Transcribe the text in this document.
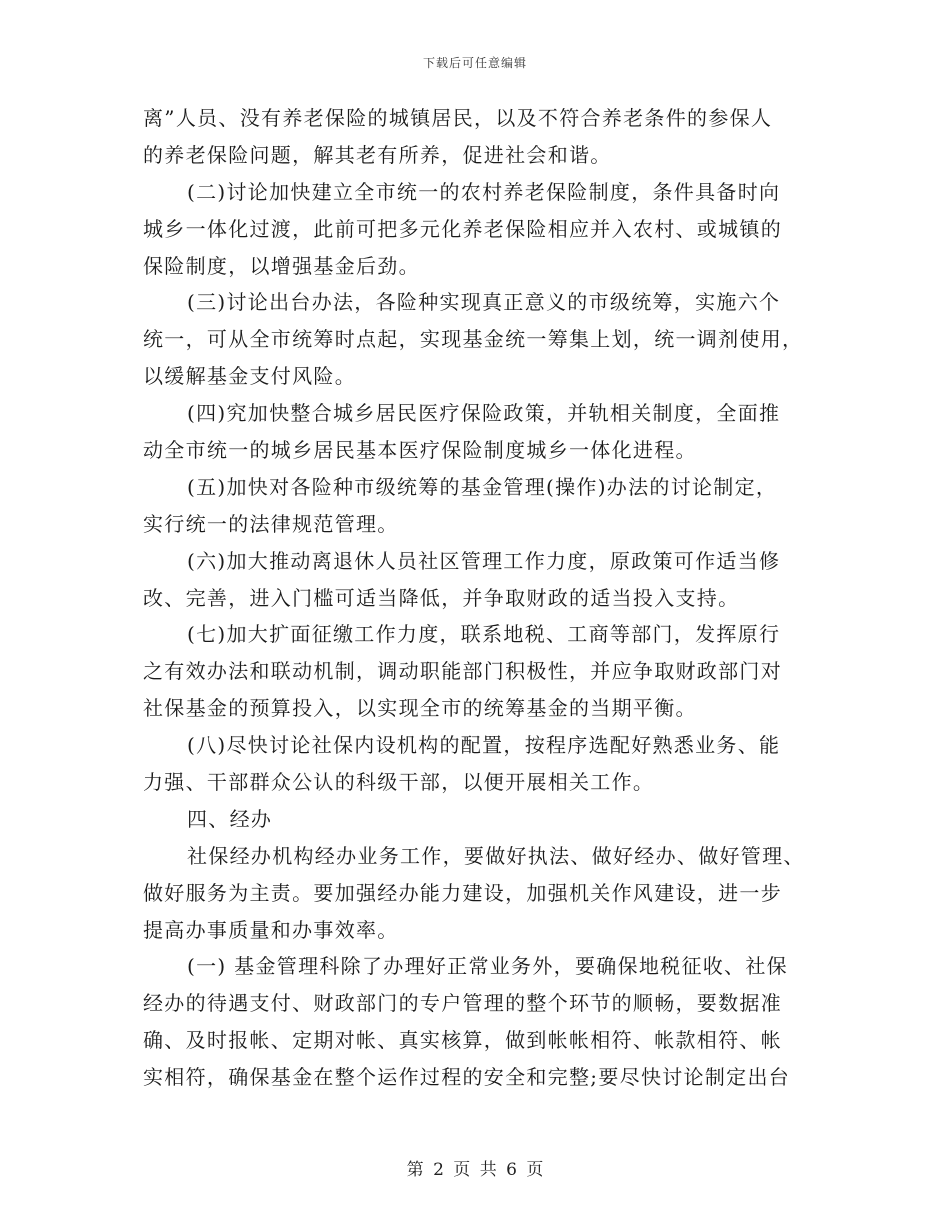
下载后可任意编辑
离”人员、没有养老保险的城镇居民，以及不符合养老条件的参保人
的养老保险问题，解其老有所养，促进社会和谐。
(二)讨论加快建立全市统一的农村养老保险制度，条件具备时向
城乡一体化过渡，此前可把多元化养老保险相应并入农村、或城镇的
保险制度，以增强基金后劲。
(三)讨论出台办法，各险种实现真正意义的市级统筹，实施六个
统一，可从全市统筹时点起，实现基金统一筹集上划，统一调剂使用，
以缓解基金支付风险。
(四)究加快整合城乡居民医疗保险政策，并轨相关制度，全面推
动全市统一的城乡居民基本医疗保险制度城乡一体化进程。
(五)加快对各险种市级统筹的基金管理(操作)办法的讨论制定，
实行统一的法律规范管理。
(六)加大推动离退休人员社区管理工作力度，原政策可作适当修
改、完善，进入门槛可适当降低，并争取财政的适当投入支持。
(七)加大扩面征缴工作力度，联系地税、工商等部门，发挥原行
之有效办法和联动机制，调动职能部门积极性，并应争取财政部门对
社保基金的预算投入，以实现全市的统筹基金的当期平衡。
(八)尽快讨论社保内设机构的配置，按程序选配好熟悉业务、能
力强、干部群众公认的科级干部，以便开展相关工作。
四、经办
社保经办机构经办业务工作，要做好执法、做好经办、做好管理、
做好服务为主责。要加强经办能力建设，加强机关作风建设，进一步
提高办事质量和办事效率。
(一) 基金管理科除了办理好正常业务外，要确保地税征收、社保
经办的待遇支付、财政部门的专户管理的整个环节的顺畅，要数据准
确、及时报帐、定期对帐、真实核算，做到帐帐相符、帐款相符、帐
实相符，确保基金在整个运作过程的安全和完整;要尽快讨论制定出台
第 2 页 共 6 页
